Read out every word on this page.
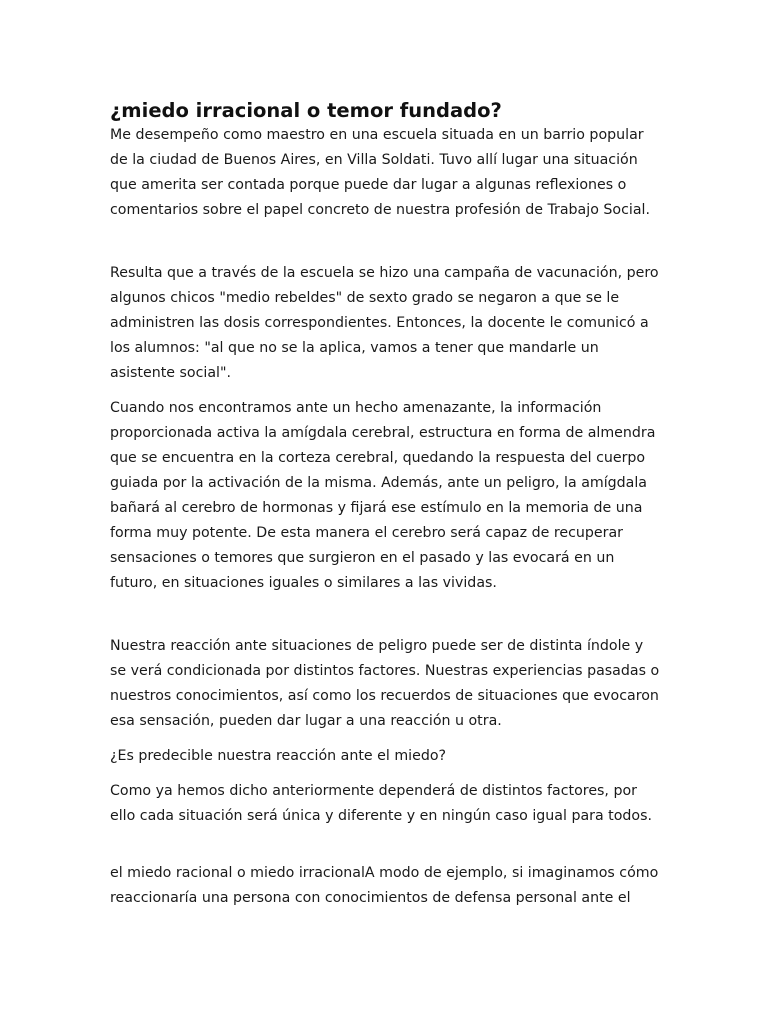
¿miedo irracional o temor fundado?

Me desempeño como maestro en una escuela situada en un barrio popular de la ciudad de Buenos Aires, en Villa Soldati. Tuvo allí lugar una situación que amerita ser contada porque puede dar lugar a algunas reflexiones o comentarios sobre el papel concreto de nuestra profesión de Trabajo Social.

Resulta que a través de la escuela se hizo una campaña de vacunación, pero algunos chicos "medio rebeldes" de sexto grado se negaron a que se le administren las dosis correspondientes. Entonces, la docente le comunicó a los alumnos: "al que no se la aplica, vamos a tener que mandarle un asistente social".

Cuando nos encontramos ante un hecho amenazante, la información proporcionada activa la amígdala cerebral, estructura en forma de almendra que se encuentra en la corteza cerebral, quedando la respuesta del cuerpo guiada por la activación de la misma. Además, ante un peligro, la amígdala bañará al cerebro de hormonas y fijará ese estímulo en la memoria de una forma muy potente. De esta manera el cerebro será capaz de recuperar sensaciones o temores que surgieron en el pasado y las evocará en un futuro, en situaciones iguales o similares a las vividas.

Nuestra reacción ante situaciones de peligro puede ser de distinta índole y se verá condicionada por distintos factores. Nuestras experiencias pasadas o nuestros conocimientos, así como los recuerdos de situaciones que evocaron esa sensación, pueden dar lugar a una reacción u otra.

¿Es predecible nuestra reacción ante el miedo?

Como ya hemos dicho anteriormente dependerá de distintos factores, por ello cada situación será única y diferente y en ningún caso igual para todos.

el miedo racional o miedo irracionalA modo de ejemplo, si imaginamos cómo reaccionaría una persona con conocimientos de defensa personal ante el
